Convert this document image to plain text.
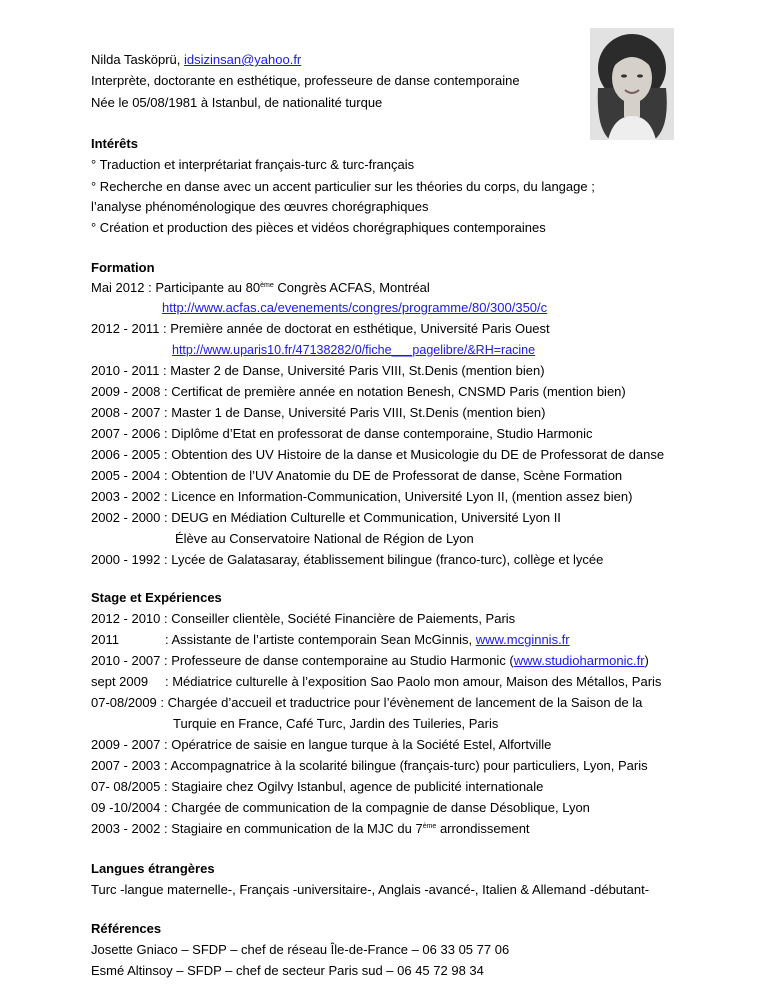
Nilda Tasköprü, idsizinsan@yahoo.fr
Interprète, doctorante en esthétique, professeure de danse contemporaine
Née le 05/08/1981 à Istanbul, de nationalité turque
Intérêts
° Traduction et interprétariat français-turc & turc-français
° Recherche en danse avec un accent particulier sur les théories du corps, du langage ;
l’analyse phénoménologique des œuvres chorégraphiques
° Création et production des pièces et vidéos chorégraphiques contemporaines
Formation
Mai 2012 : Participante au 80ème Congrès ACFAS, Montréal
http://www.acfas.ca/evenements/congres/programme/80/300/350/c
2012 - 2011 : Première année de doctorat en esthétique, Université Paris Ouest
http://www.uparis10.fr/47138282/0/fiche___pagelibre/&RH=racine
2010 - 2011 : Master 2 de Danse, Université Paris VIII, St.Denis (mention bien)
2009 - 2008 : Certificat de première année en notation Benesh, CNSMD Paris (mention bien)
2008 - 2007 : Master 1 de Danse, Université Paris VIII, St.Denis (mention bien)
2007 - 2006 : Diplôme d’Etat en professorat de danse contemporaine, Studio Harmonic
2006 - 2005 : Obtention des UV Histoire de la danse et Musicologie du DE de Professorat de danse
2005 - 2004 : Obtention de l’UV Anatomie du DE de Professorat de danse, Scène Formation
2003 - 2002 : Licence en Information-Communication, Université Lyon II, (mention assez bien)
2002 - 2000 : DEUG en Médiation Culturelle et Communication, Université Lyon II
Élève au Conservatoire National de Région de Lyon
2000 - 1992 : Lycée de Galatasaray, établissement bilingue (franco-turc), collège et lycée
Stage et Expériences
2012 - 2010 : Conseiller clientèle, Société Financière de Paiements, Paris
2011	: Assistante de l’artiste contemporain Sean McGinnis, www.mcginnis.fr
2010 - 2007 : Professeure de danse contemporaine au Studio Harmonic (www.studioharmonic.fr)
sept 2009 : Médiatrice culturelle à l’exposition Sao Paolo mon amour, Maison des Métallos, Paris
07-08/2009 : Chargée d’accueil et traductrice pour l’évènement de lancement de la Saison de la
Turquie en France, Café Turc, Jardin des Tuileries, Paris
2009 - 2007 : Opératrice de saisie en langue turque à la Société Estel, Alfortville
2007 - 2003 : Accompagnatrice à la scolarité bilingue (français-turc) pour particuliers, Lyon, Paris
07- 08/2005 : Stagiaire chez Ogilvy Istanbul, agence de publicité internationale
09 -10/2004 : Chargée de communication de la compagnie de danse Désoblique, Lyon
2003 - 2002 : Stagiaire en communication de la MJC du 7ème arrondissement
Langues étrangères
Turc -langue maternelle-, Français -universitaire-, Anglais -avancé-, Italien & Allemand -débutant-
Références
Josette Gniaco – SFDP – chef de réseau Île-de-France – 06 33 05 77 06
Esmé Altinsoy – SFDP – chef de secteur Paris sud – 06 45 72 98 34
